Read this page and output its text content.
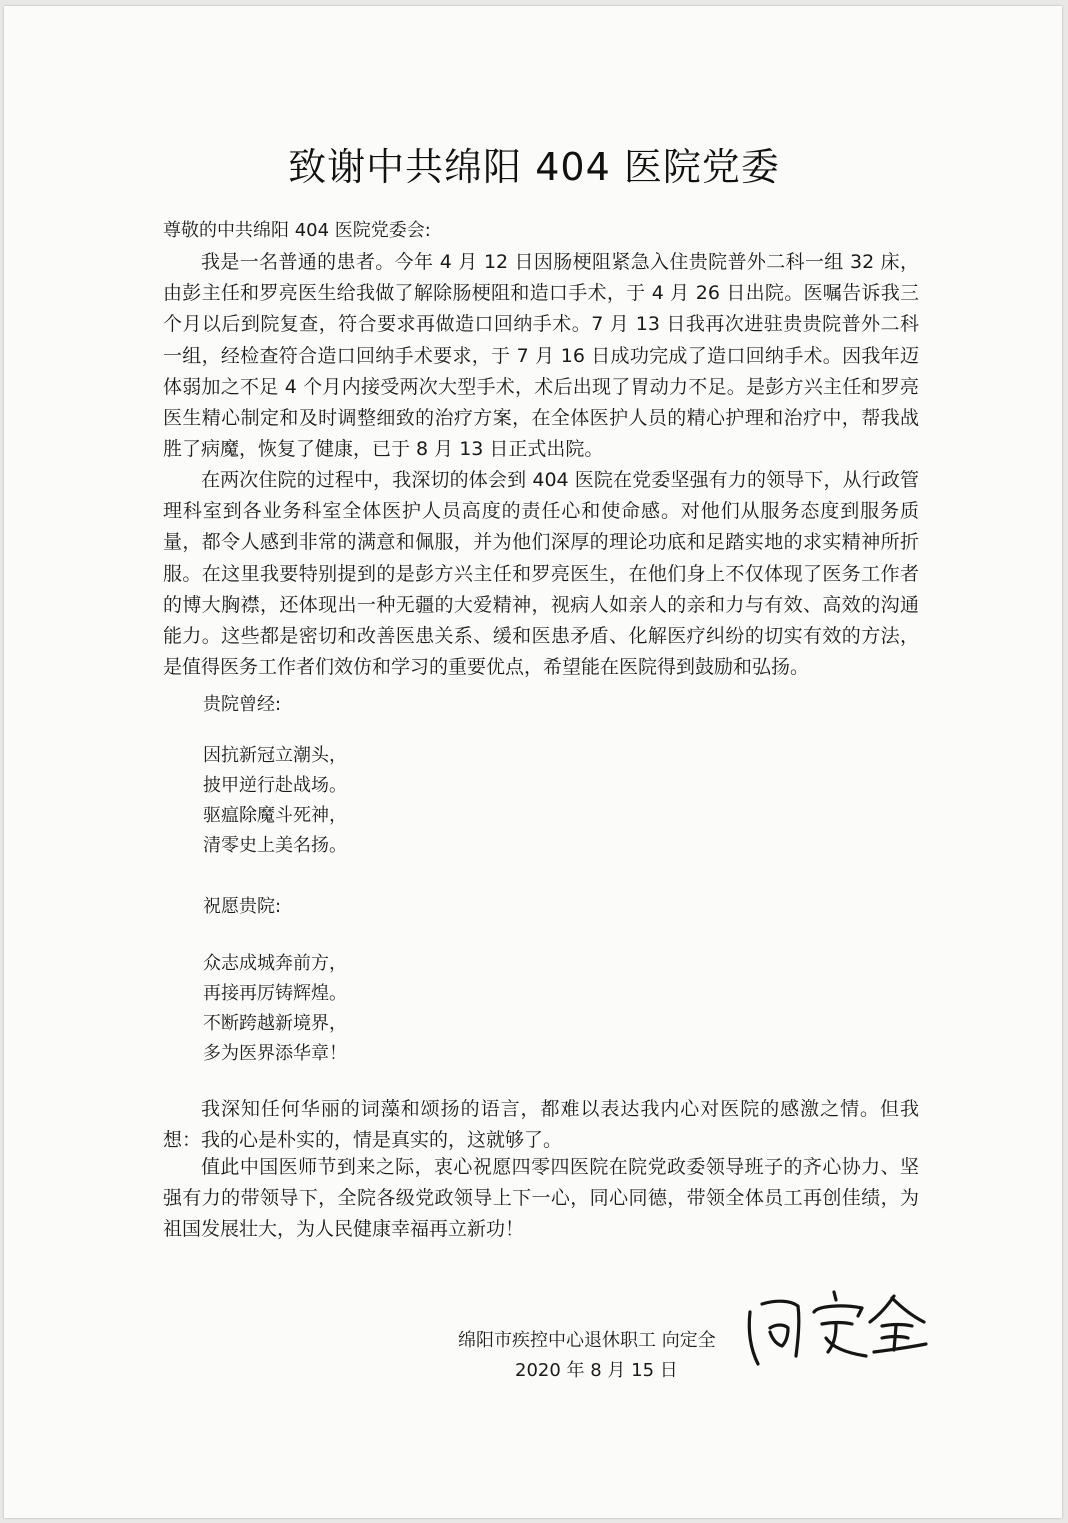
致谢中共绵阳 404 医院党委
尊敬的中共绵阳 404 医院党委会:

我是一名普通的患者。今年 4 月 12 日因肠梗阻紧急入住贵院普外二科一组 32 床，由彭主任和罗亮医生给我做了解除肠梗阻和造口手术，于 4 月 26 日出院。医嘱告诉我三个月以后到院复查，符合要求再做造口回纳手术。7 月 13 日我再次进驻贵贵院普外二科一组，经检查符合造口回纳手术要求，于 7 月 16 日成功完成了造口回纳手术。因我年迈体弱加之不足 4 个月内接受两次大型手术，术后出现了胃动力不足。是彭方兴主任和罗亮医生精心制定和及时调整细致的治疗方案，在全体医护人员的精心护理和治疗中，帮我战胜了病魔，恢复了健康，已于 8 月 13 日正式出院。

在两次住院的过程中，我深切的体会到 404 医院在党委坚强有力的领导下，从行政管理科室到各业务科室全体医护人员高度的责任心和使命感。对他们从服务态度到服务质量，都令人感到非常的满意和佩服，并为他们深厚的理论功底和足踏实地的求实精神所折服。在这里我要特别提到的是彭方兴主任和罗亮医生，在他们身上不仅体现了医务工作者的博大胸襟，还体现出一种无疆的大爱精神，视病人如亲人的亲和力与有效、高效的沟通能力。这些都是密切和改善医患关系、缓和医患矛盾、化解医疗纠纷的切实有效的方法，是值得医务工作者们效仿和学习的重要优点，希望能在医院得到鼓励和弘扬。

贵院曾经:
因抗新冠立潮头，
披甲逆行赴战场。
驱瘟除魔斗死神，
清零史上美名扬。
祝愿贵院:
众志成城奔前方，
再接再厉铸辉煌。
不断跨越新境界，
多为医界添华章！

我深知任何华丽的词藻和颂扬的语言，都难以表达我内心对医院的感激之情。但我想：我的心是朴实的，情是真实的，这就够了。

值此中国医师节到来之际，衷心祝愿四零四医院在院党政委领导班子的齐心协力、坚强有力的带领导下，全院各级党政领导上下一心，同心同德，带领全体员工再创佳绩，为祖国发展壮大，为人民健康幸福再立新功！

绵阳市疾控中心退休职工 向定全
2020 年 8 月 15 日
